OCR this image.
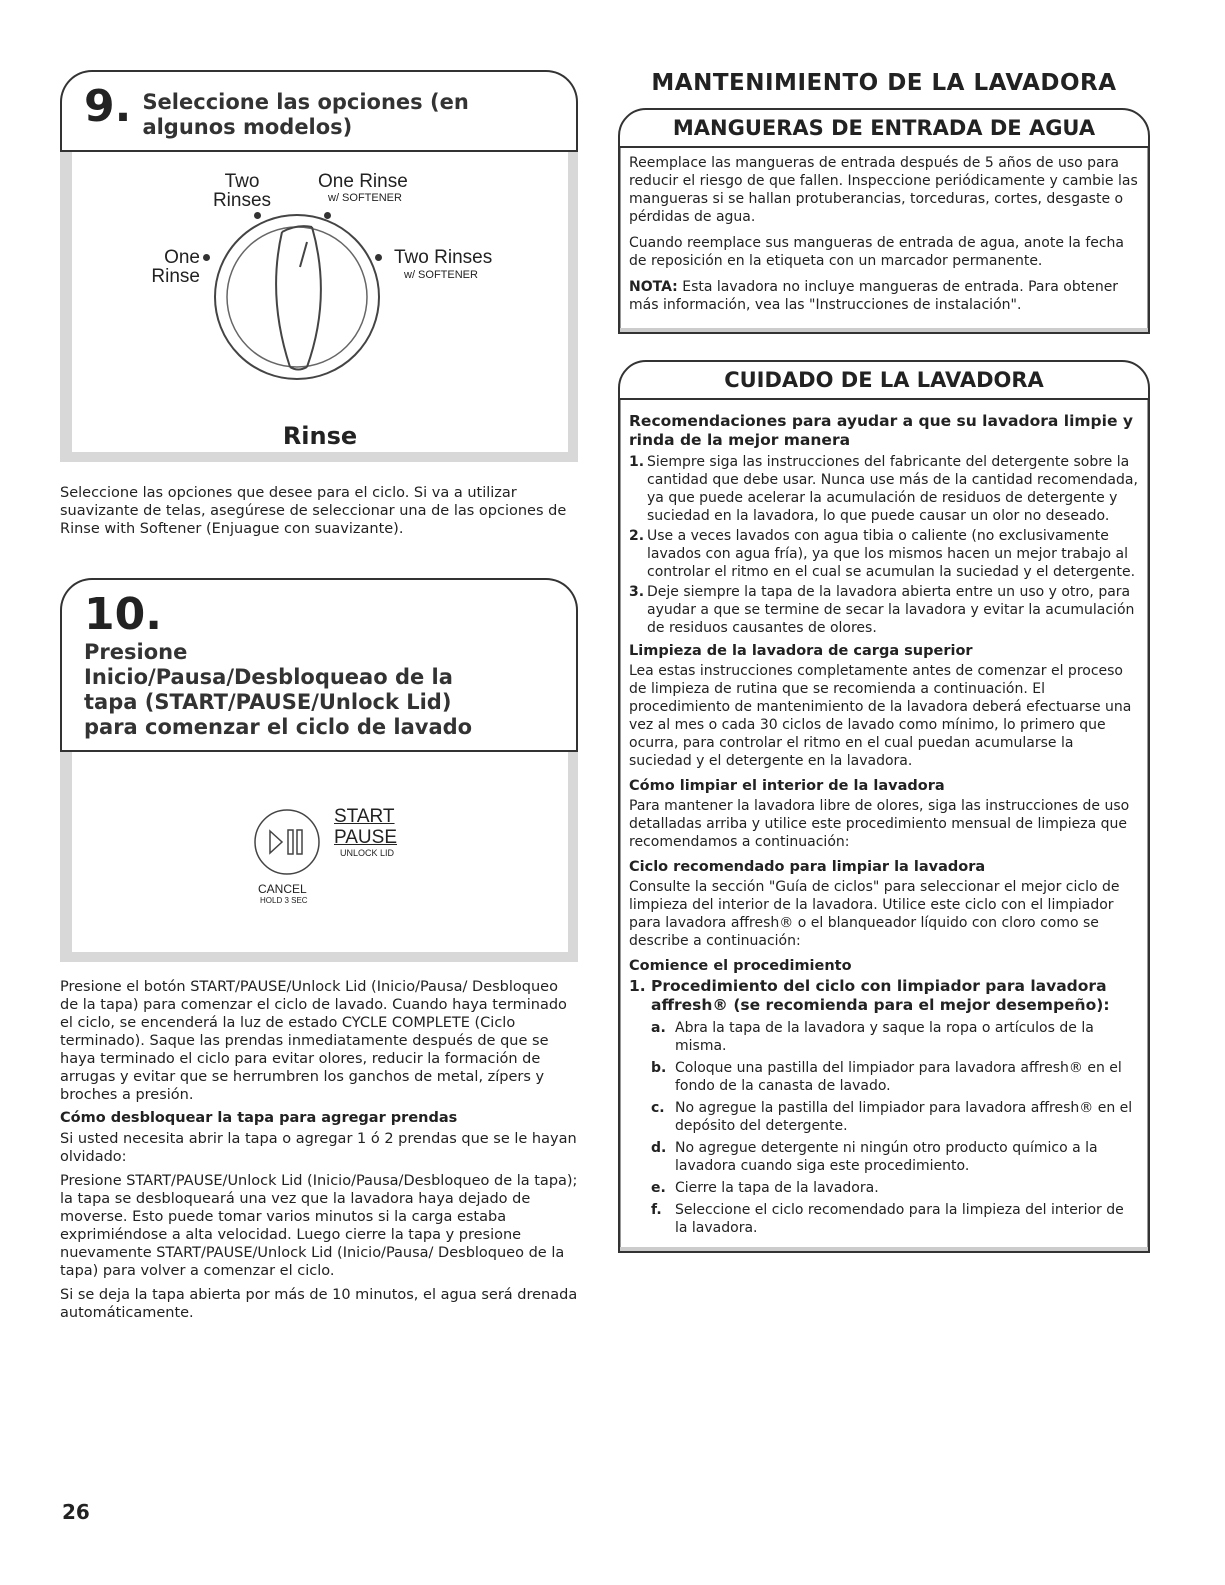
9. Seleccione las opciones (en algunos modelos)
Two
Rinses
One Rinse
w/ SOFTENER
One
Rinse
Two Rinses
w/ SOFTENER
Rinse

Seleccione las opciones que desee para el ciclo. Si va a utilizar suavizante de telas, asegúrese de seleccionar una de las opciones de Rinse with Softener (Enjuague con suavizante).

10. Presione Inicio/Pausa/Desbloqueao de la tapa (START/PAUSE/Unlock Lid) para comenzar el ciclo de lavado
START
PAUSE
UNLOCK LID
CANCEL
HOLD 3 SEC

Presione el botón START/PAUSE/Unlock Lid (Inicio/Pausa/ Desbloqueo de la tapa) para comenzar el ciclo de lavado. Cuando haya terminado el ciclo, se encenderá la luz de estado CYCLE COMPLETE (Ciclo terminado). Saque las prendas inmediatamente después de que se haya terminado el ciclo para evitar olores, reducir la formación de arrugas y evitar que se herrumbren los ganchos de metal, zípers y broches a presión.

Cómo desbloquear la tapa para agregar prendas

Si usted necesita abrir la tapa o agregar 1 ó 2 prendas que se le hayan olvidado:

Presione START/PAUSE/Unlock Lid (Inicio/Pausa/Desbloqueo de la tapa); la tapa se desbloqueará una vez que la lavadora haya dejado de moverse. Esto puede tomar varios minutos si la carga estaba exprimiéndose a alta velocidad. Luego cierre la tapa y presione nuevamente START/PAUSE/Unlock Lid (Inicio/Pausa/ Desbloqueo de la tapa) para volver a comenzar el ciclo.

Si se deja la tapa abierta por más de 10 minutos, el agua será drenada automáticamente.

MANTENIMIENTO DE LA LAVADORA
MANGUERAS DE ENTRADA DE AGUA

Reemplace las mangueras de entrada después de 5 años de uso para reducir el riesgo de que fallen. Inspeccione periódicamente y cambie las mangueras si se hallan protuberancias, torceduras, cortes, desgaste o pérdidas de agua.

Cuando reemplace sus mangueras de entrada de agua, anote la fecha de reposición en la etiqueta con un marcador permanente.

NOTA: Esta lavadora no incluye mangueras de entrada. Para obtener más información, vea las "Instrucciones de instalación".

CUIDADO DE LA LAVADORA
Recomendaciones para ayudar a que su lavadora limpie y rinda de la mejor manera
1. Siempre siga las instrucciones del fabricante del detergente sobre la cantidad que debe usar. Nunca use más de la cantidad recomendada, ya que puede acelerar la acumulación de residuos de detergente y suciedad en la lavadora, lo que puede causar un olor no deseado.
2. Use a veces lavados con agua tibia o caliente (no exclusivamente lavados con agua fría), ya que los mismos hacen un mejor trabajo al controlar el ritmo en el cual se acumulan la suciedad y el detergente.
3. Deje siempre la tapa de la lavadora abierta entre un uso y otro, para ayudar a que se termine de secar la lavadora y evitar la acumulación de residuos causantes de olores.
Limpieza de la lavadora de carga superior

Lea estas instrucciones completamente antes de comenzar el proceso de limpieza de rutina que se recomienda a continuación. El procedimiento de mantenimiento de la lavadora deberá efectuarse una vez al mes o cada 30 ciclos de lavado como mínimo, lo primero que ocurra, para controlar el ritmo en el cual puedan acumularse la suciedad y el detergente en la lavadora.

Cómo limpiar el interior de la lavadora

Para mantener la lavadora libre de olores, siga las instrucciones de uso detalladas arriba y utilice este procedimiento mensual de limpieza que recomendamos a continuación:

Ciclo recomendado para limpiar la lavadora

Consulte la sección "Guía de ciclos" para seleccionar el mejor ciclo de limpieza del interior de la lavadora. Utilice este ciclo con el limpiador para lavadora affresh® o el blanqueador líquido con cloro como se describe a continuación:

Comience el procedimiento
1. Procedimiento del ciclo con limpiador para lavadora affresh® (se recomienda para el mejor desempeño):
a. Abra la tapa de la lavadora y saque la ropa o artículos de la misma.
b. Coloque una pastilla del limpiador para lavadora affresh® en el fondo de la canasta de lavado.
c. No agregue la pastilla del limpiador para lavadora affresh® en el depósito del detergente.
d. No agregue detergente ni ningún otro producto químico a la lavadora cuando siga este procedimiento.
e. Cierre la tapa de la lavadora.
f. Seleccione el ciclo recomendado para la limpieza del interior de la lavadora.
26
